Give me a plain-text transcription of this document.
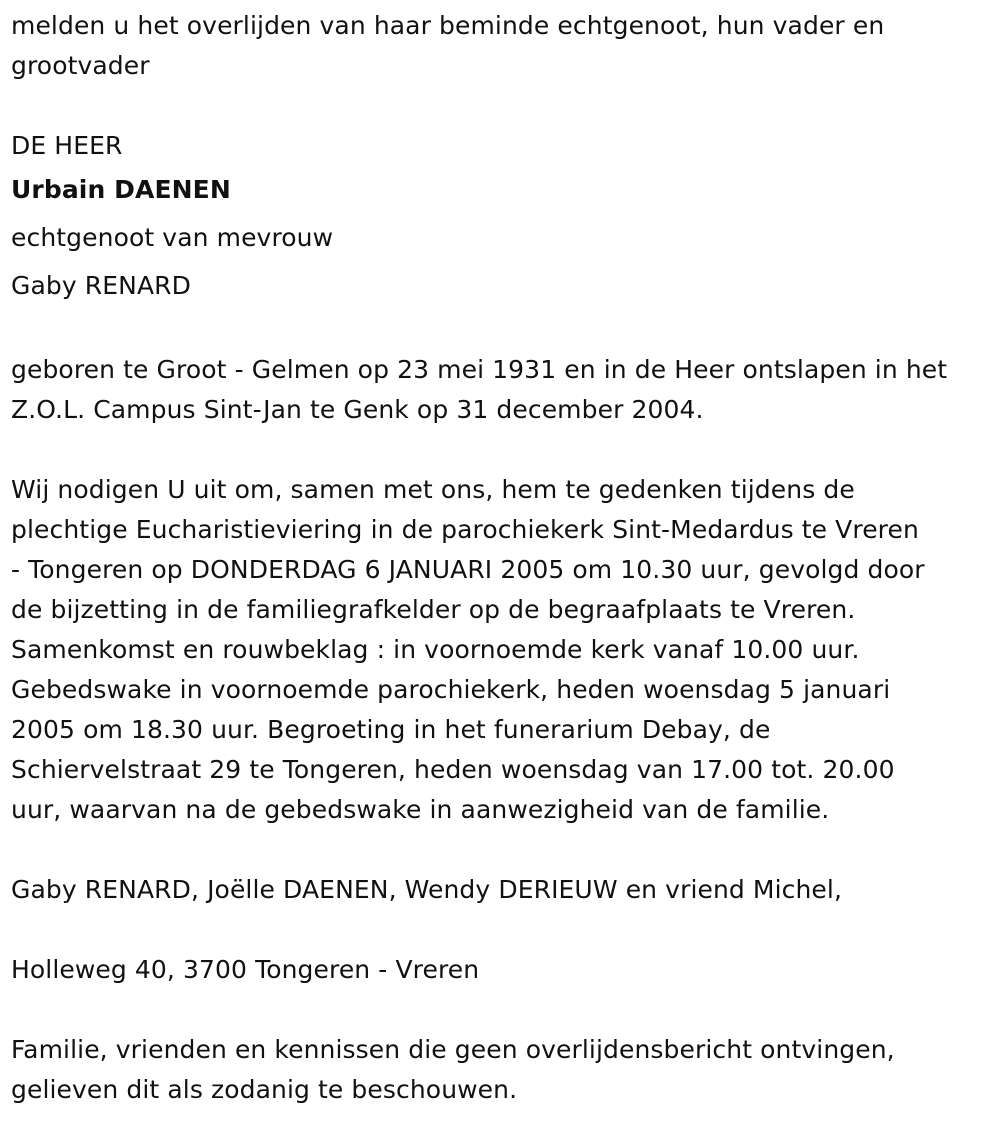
melden u het overlijden van haar beminde echtgenoot, hun vader en
grootvader
DE HEER
Urbain DAENEN
echtgenoot van mevrouw
Gaby RENARD
geboren te Groot - Gelmen op 23 mei 1931 en in de Heer ontslapen in het
Z.O.L. Campus Sint-Jan te Genk op 31 december 2004.
Wij nodigen U uit om, samen met ons, hem te gedenken tijdens de
plechtige Eucharistieviering in de parochiekerk Sint-Medardus te Vreren
- Tongeren op DONDERDAG 6 JANUARI 2005 om 10.30 uur, gevolgd door
de bijzetting in de familiegrafkelder op de begraafplaats te Vreren.
Samenkomst en rouwbeklag : in voornoemde kerk vanaf 10.00 uur.
Gebedswake in voornoemde parochiekerk, heden woensdag 5 januari
2005 om 18.30 uur. Begroeting in het funerarium Debay, de
Schiervelstraat 29 te Tongeren, heden woensdag van 17.00 tot. 20.00
uur, waarvan na de gebedswake in aanwezigheid van de familie.
Gaby RENARD, Joëlle DAENEN, Wendy DERIEUW en vriend Michel,
Holleweg 40, 3700 Tongeren - Vreren
Familie, vrienden en kennissen die geen overlijdensbericht ontvingen,
gelieven dit als zodanig te beschouwen.
